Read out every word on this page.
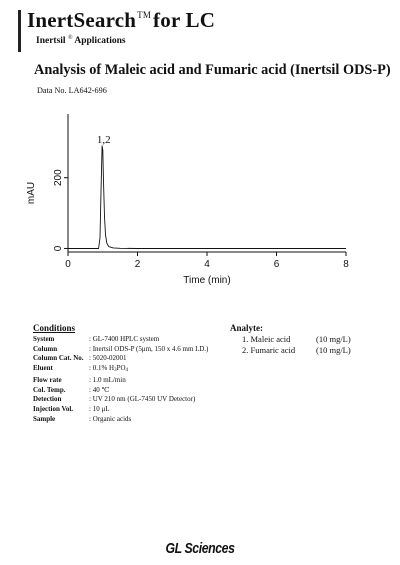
InertSearch™for LC
Inertsil ® Applications
Analysis of Maleic acid and Fumaric acid (Inertsil ODS-P)
Data No. LA642-696
0	2	4	6	8
0
200
Time (min)
mAU
1,2
Conditions
System	: GL-7400 HPLC system
Column	: Inertsil ODS-P (5μm, 150 x 4.6 mm I.D.)
Column Cat. No. : 5020-02001
Eluent	: 0.1% $H_3PO_4$
Flow rate	: 1.0 mL/min
Col. Temp.	: 40 ℃
Detection	: UV 210 nm (GL-7450 UV Detector)
Injection Vol.	: 10 μL
Sample	: Organic acids
Analyte:
1. Maleic acid	(10 mg/L)
2. Fumaric acid	(10 mg/L)
GL Sciences
